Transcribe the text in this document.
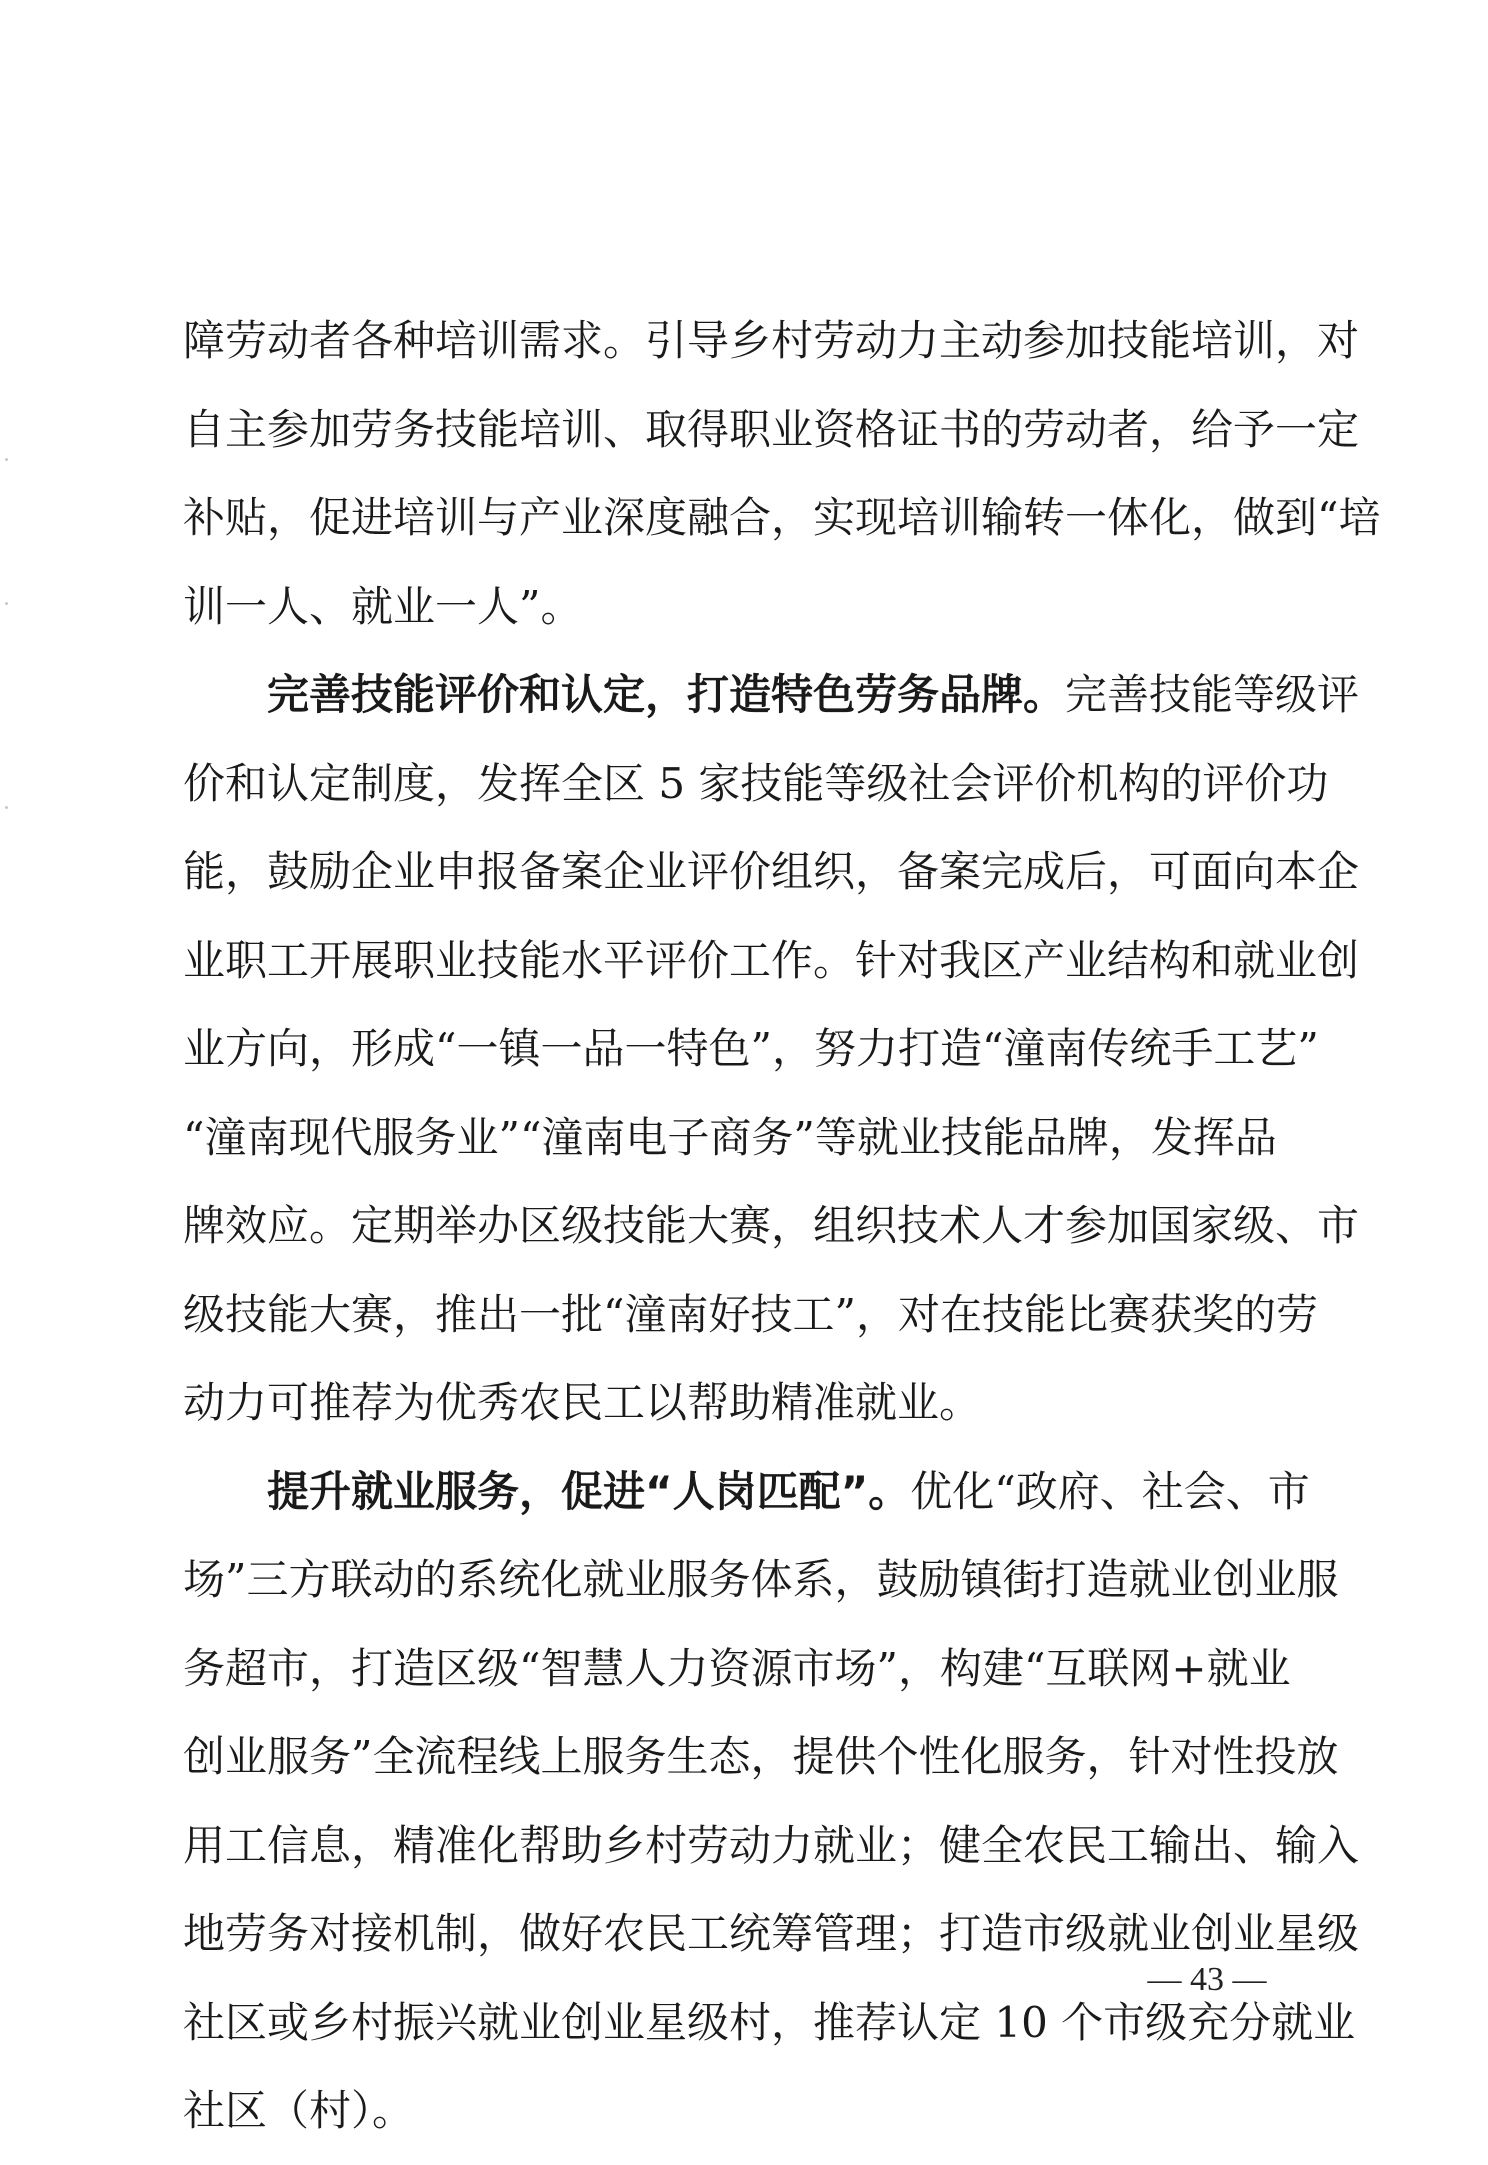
障劳动者各种培训需求。引导乡村劳动力主动参加技能培训，对
自主参加劳务技能培训、取得职业资格证书的劳动者，给予一定
补贴，促进培训与产业深度融合，实现培训输转一体化，做到“培
训一人、就业一人”。
完善技能评价和认定，打造特色劳务品牌。完善技能等级评
价和认定制度，发挥全区 5 家技能等级社会评价机构的评价功
能，鼓励企业申报备案企业评价组织，备案完成后，可面向本企
业职工开展职业技能水平评价工作。针对我区产业结构和就业创
业方向，形成“一镇一品一特色”，努力打造“潼南传统手工艺”
“潼南现代服务业”“潼南电子商务”等就业技能品牌，发挥品
牌效应。定期举办区级技能大赛，组织技术人才参加国家级、市
级技能大赛，推出一批“潼南好技工”，对在技能比赛获奖的劳
动力可推荐为优秀农民工以帮助精准就业。
提升就业服务，促进“人岗匹配”。优化“政府、社会、市
场”三方联动的系统化就业服务体系，鼓励镇街打造就业创业服
务超市，打造区级“智慧人力资源市场”，构建“互联网+就业
创业服务”全流程线上服务生态，提供个性化服务，针对性投放
用工信息，精准化帮助乡村劳动力就业；健全农民工输出、输入
地劳务对接机制，做好农民工统筹管理；打造市级就业创业星级
社区或乡村振兴就业创业星级村，推荐认定 10 个市级充分就业
社区（村）。
— 43 —
